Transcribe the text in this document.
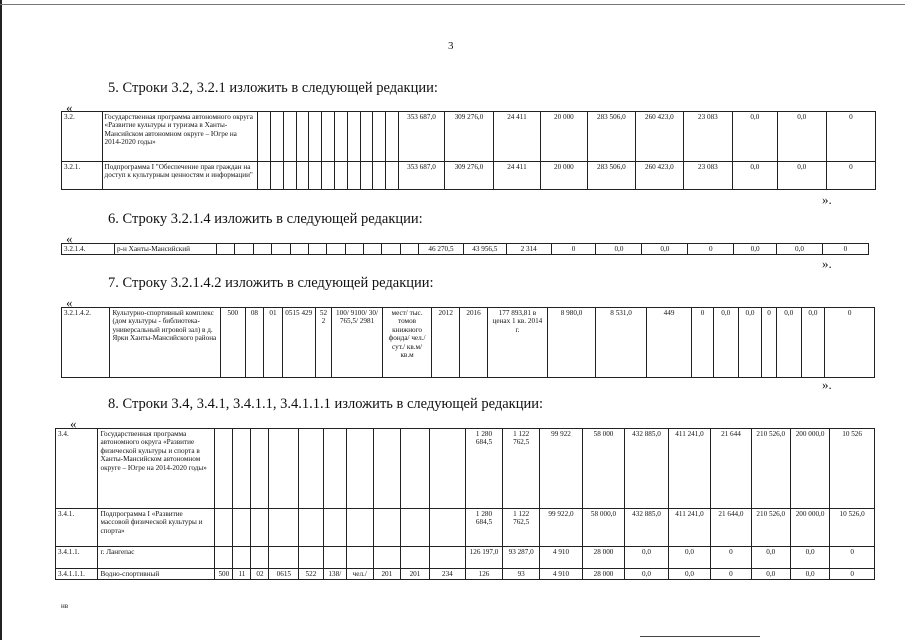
3
5. Строки 3.2, 3.2.1 изложить в следующей редакции:
«
3.2.	Государственная программа автономного округа «Развитие культуры и туризма в Ханты-Мансийском автономном округе – Югре на 2014-2020 годы»												353 687,0	309 276,0	24 411	20 000	283 506,0	260 423,0	23 083	0,0	0,0	0
3.2.1.	Подпрограмма I "Обеспечение прав граждан на доступ к культурным ценностям и информации"												353 687,0	309 276,0	24 411	20 000	283 506,0	260 423,0	23 083	0,0	0,0	0
».
6. Строку 3.2.1.4 изложить в следующей редакции:
«
3.2.1.4.	р-н Ханты-Мансийский												46 270,5	43 956,5	2 314	0	0,0	0,0	0	0,0	0,0	0
».
7. Строку 3.2.1.4.2 изложить в следующей редакции:
«
3.2.1.4.2.	Культурно-спортивный комплекс (дом культуры - библиотека-универсальный игровой зал) в д. Ярки Ханты-Мансийского района	500	08	01	0515 429	52 2	100/ 9100/ 30/ 765,5/ 2981	мест/ тыс. томов книжного фонда/ чел./ сут./ кв.м/ кв.м	2012	2016	177 893,81 в ценах 1 кв. 2014 г.	8 980,0	8 531,0	449	0	0,0	0,0	0	0,0	0,0	0
».
8. Строки 3.4, 3.4.1, 3.4.1.1, 3.4.1.1.1 изложить в следующей редакции:
«
3.4.	Государственная программа автономного округа «Развитие физической культуры и спорта в Ханты-Мансийском автономном округе – Югре на 2014-2020 годы»											1 280 684,5	1 122 762,5	99 922	58 000	432 885,0	411 241,0	21 644	210 526,0	200 000,0	10 526
3.4.1.	Подпрограмма I «Развитие массовой физической культуры и спорта»											1 280 684,5	1 122 762,5	99 922,0	58 000,0	432 885,0	411 241,0	21 644,0	210 526,0	200 000,0	10 526,0
3.4.1.1.	г. Лангепас											126 197,0	93 287,0	4 910	28 000	0,0	0,0	0	0,0	0,0	0
3.4.1.1.1.	Водно-спортивный	500	11	02	0615	522	138/	чел./	201	201	234	126	93	4 910	28 000	0,0	0,0	0	0,0	0,0	0
нв
